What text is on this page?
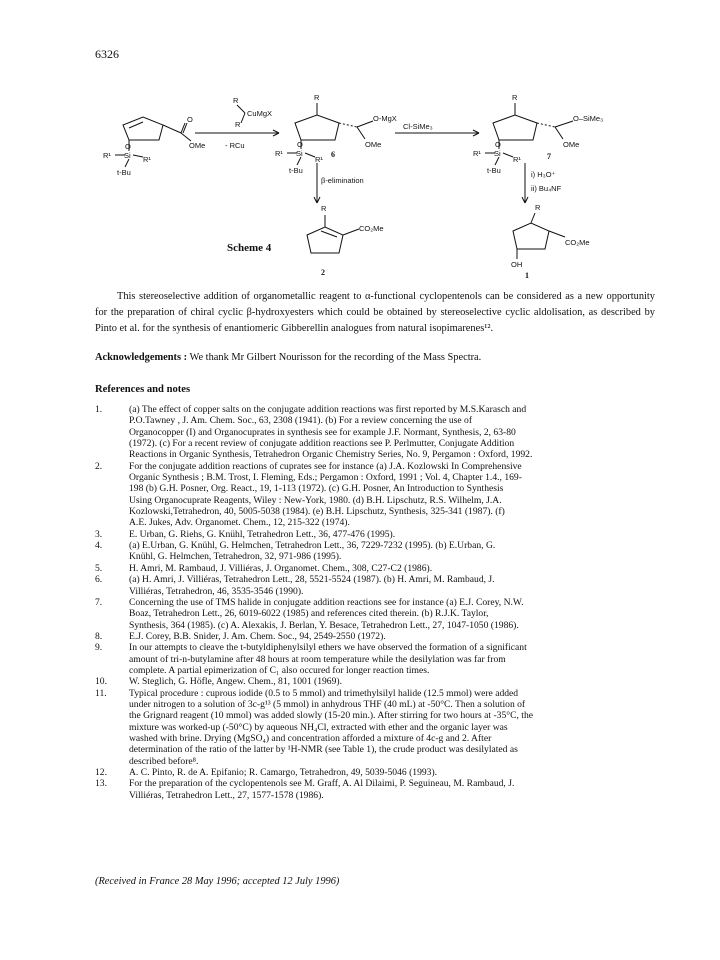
6326
R
CuMgX
R
- RCu
O
OMe
O
Si
R¹	R¹
t-Bu
R
O-MgX
OMe
Cl-SiMe₃
O
Si
R¹
R¹
t-Bu
6
β-elimination
R
O–SiMe₃
OMe
O
Si
R¹
R¹
t-Bu
7
i) H₃O⁺
ii) Bu₄NF
R
CO₂Me
2
Scheme 4
R
CO₂Me
OH
1

This stereoselective addition of organometallic reagent to α-functional cyclopentenols can be considered as a new opportunity for the preparation of chiral cyclic β-hydroxyesters which could be obtained by stereoselective cyclic aldolisation, as described by Pinto et al. for the synthesis of enantiomeric Gibberellin analogues from natural isopimarenes¹².

Acknowledgements : We thank Mr Gilbert Nourisson for the recording of the Mass Spectra.
References and notes
1.	(a) The effect of copper salts on the conjugate addition reactions was first reported by M.S.Karasch and
P.O.Tawney , J. Am. Chem. Soc., 63, 2308 (1941). (b) For a review concerning the use of
Organocopper (I) and Organocuprates in synthesis see for example J.F. Normant, Synthesis, 2, 63-80
(1972). (c) For a recent review of conjugate addition reactions see P. Perlmutter, Conjugate Addition
Reactions in Organic Synthesis, Tetrahedron Organic Chemistry Series, No. 9, Pergamon : Oxford, 1992.
2.	For the conjugate addition reactions of cuprates see for instance (a) J.A. Kozlowski In Comprehensive
Organic Synthesis ; B.M. Trost, I. Fleming, Eds.; Pergamon : Oxford, 1991 ; Vol. 4, Chapter 1.4., 169-
198 (b) G.H. Posner, Org. React., 19, 1-113 (1972). (c) G.H. Posner, An Introduction to Synthesis
Using Organocuprate Reagents, Wiley : New-York, 1980. (d) B.H. Lipschutz, R.S. Wilhelm, J.A.
Kozlowski,Tetrahedron, 40, 5005-5038 (1984). (e) B.H. Lipschutz, Synthesis, 325-341 (1987). (f)
A.E. Jukes, Adv. Organomet. Chem., 12, 215-322 (1974).
3.	E. Urban, G. Riehs, G. Knühl, Tetrahedron Lett., 36, 477-476 (1995).
4.	(a) E.Urban, G. Knühl, G. Helmchen, Tetrahedron Lett., 36, 7229-7232 (1995). (b) E.Urban, G.
Knühl, G. Helmchen, Tetrahedron, 32, 971-986 (1995).
5.	H. Amri, M. Rambaud, J. Villiéras, J. Organomet. Chem., 308, C27-C2 (1986).
6.	(a) H. Amri, J. Villiéras, Tetrahedron Lett., 28, 5521-5524 (1987). (b) H. Amri, M. Rambaud, J.
Villiéras, Tetrahedron, 46, 3535-3546 (1990).
7.	Concerning the use of TMS halide in conjugate addition reactions see for instance (a) E.J. Corey, N.W.
Boaz, Tetrahedron Lett., 26, 6019-6022 (1985) and references cited therein. (b) R.J.K. Taylor,
Synthesis, 364 (1985). (c) A. Alexakis, J. Berlan, Y. Besace, Tetrahedron Lett., 27, 1047-1050 (1986).
8.	E.J. Corey, B.B. Snider, J. Am. Chem. Soc., 94, 2549-2550 (1972).
9.	In our attempts to cleave the t-butyldiphenylsilyl ethers we have observed the formation of a significant
amount of tri-n-butylamine after 48 hours at room temperature while the desilylation was far from
complete. A partial epimerization of C₁ also occured for longer reaction times.
10.	W. Steglich, G. Höfle, Angew. Chem., 81, 1001 (1969).
11.	Typical procedure : cuprous iodide (0.5 to 5 mmol) and trimethylsilyl halide (12.5 mmol) were added
under nitrogen to a solution of 3c-g¹³ (5 mmol) in anhydrous THF (40 mL) at -50°C. Then a solution of
the Grignard reagent (10 mmol) was added slowly (15-20 min.). After stirring for two hours at -35°C, the
mixture was worked-up (-50°C) by aqueous NH₄Cl, extracted with ether and the organic layer was
washed with brine. Drying (MgSO₄) and concentration afforded a mixture of 4c-g and 2. After
determination of the ratio of the latter by ¹H-NMR (see Table 1), the crude product was desilylated as
described before⁸.
12.	A. C. Pinto, R. de A. Epifanio; R. Camargo, Tetrahedron, 49, 5039-5046 (1993).
13.	For the preparation of the cyclopentenols see M. Graff, A. Al Dilaimi, P. Seguineau, M. Rambaud, J.
Villiéras, Tetrahedron Lett., 27, 1577-1578 (1986).
(Received in France 28 May 1996; accepted 12 July 1996)
